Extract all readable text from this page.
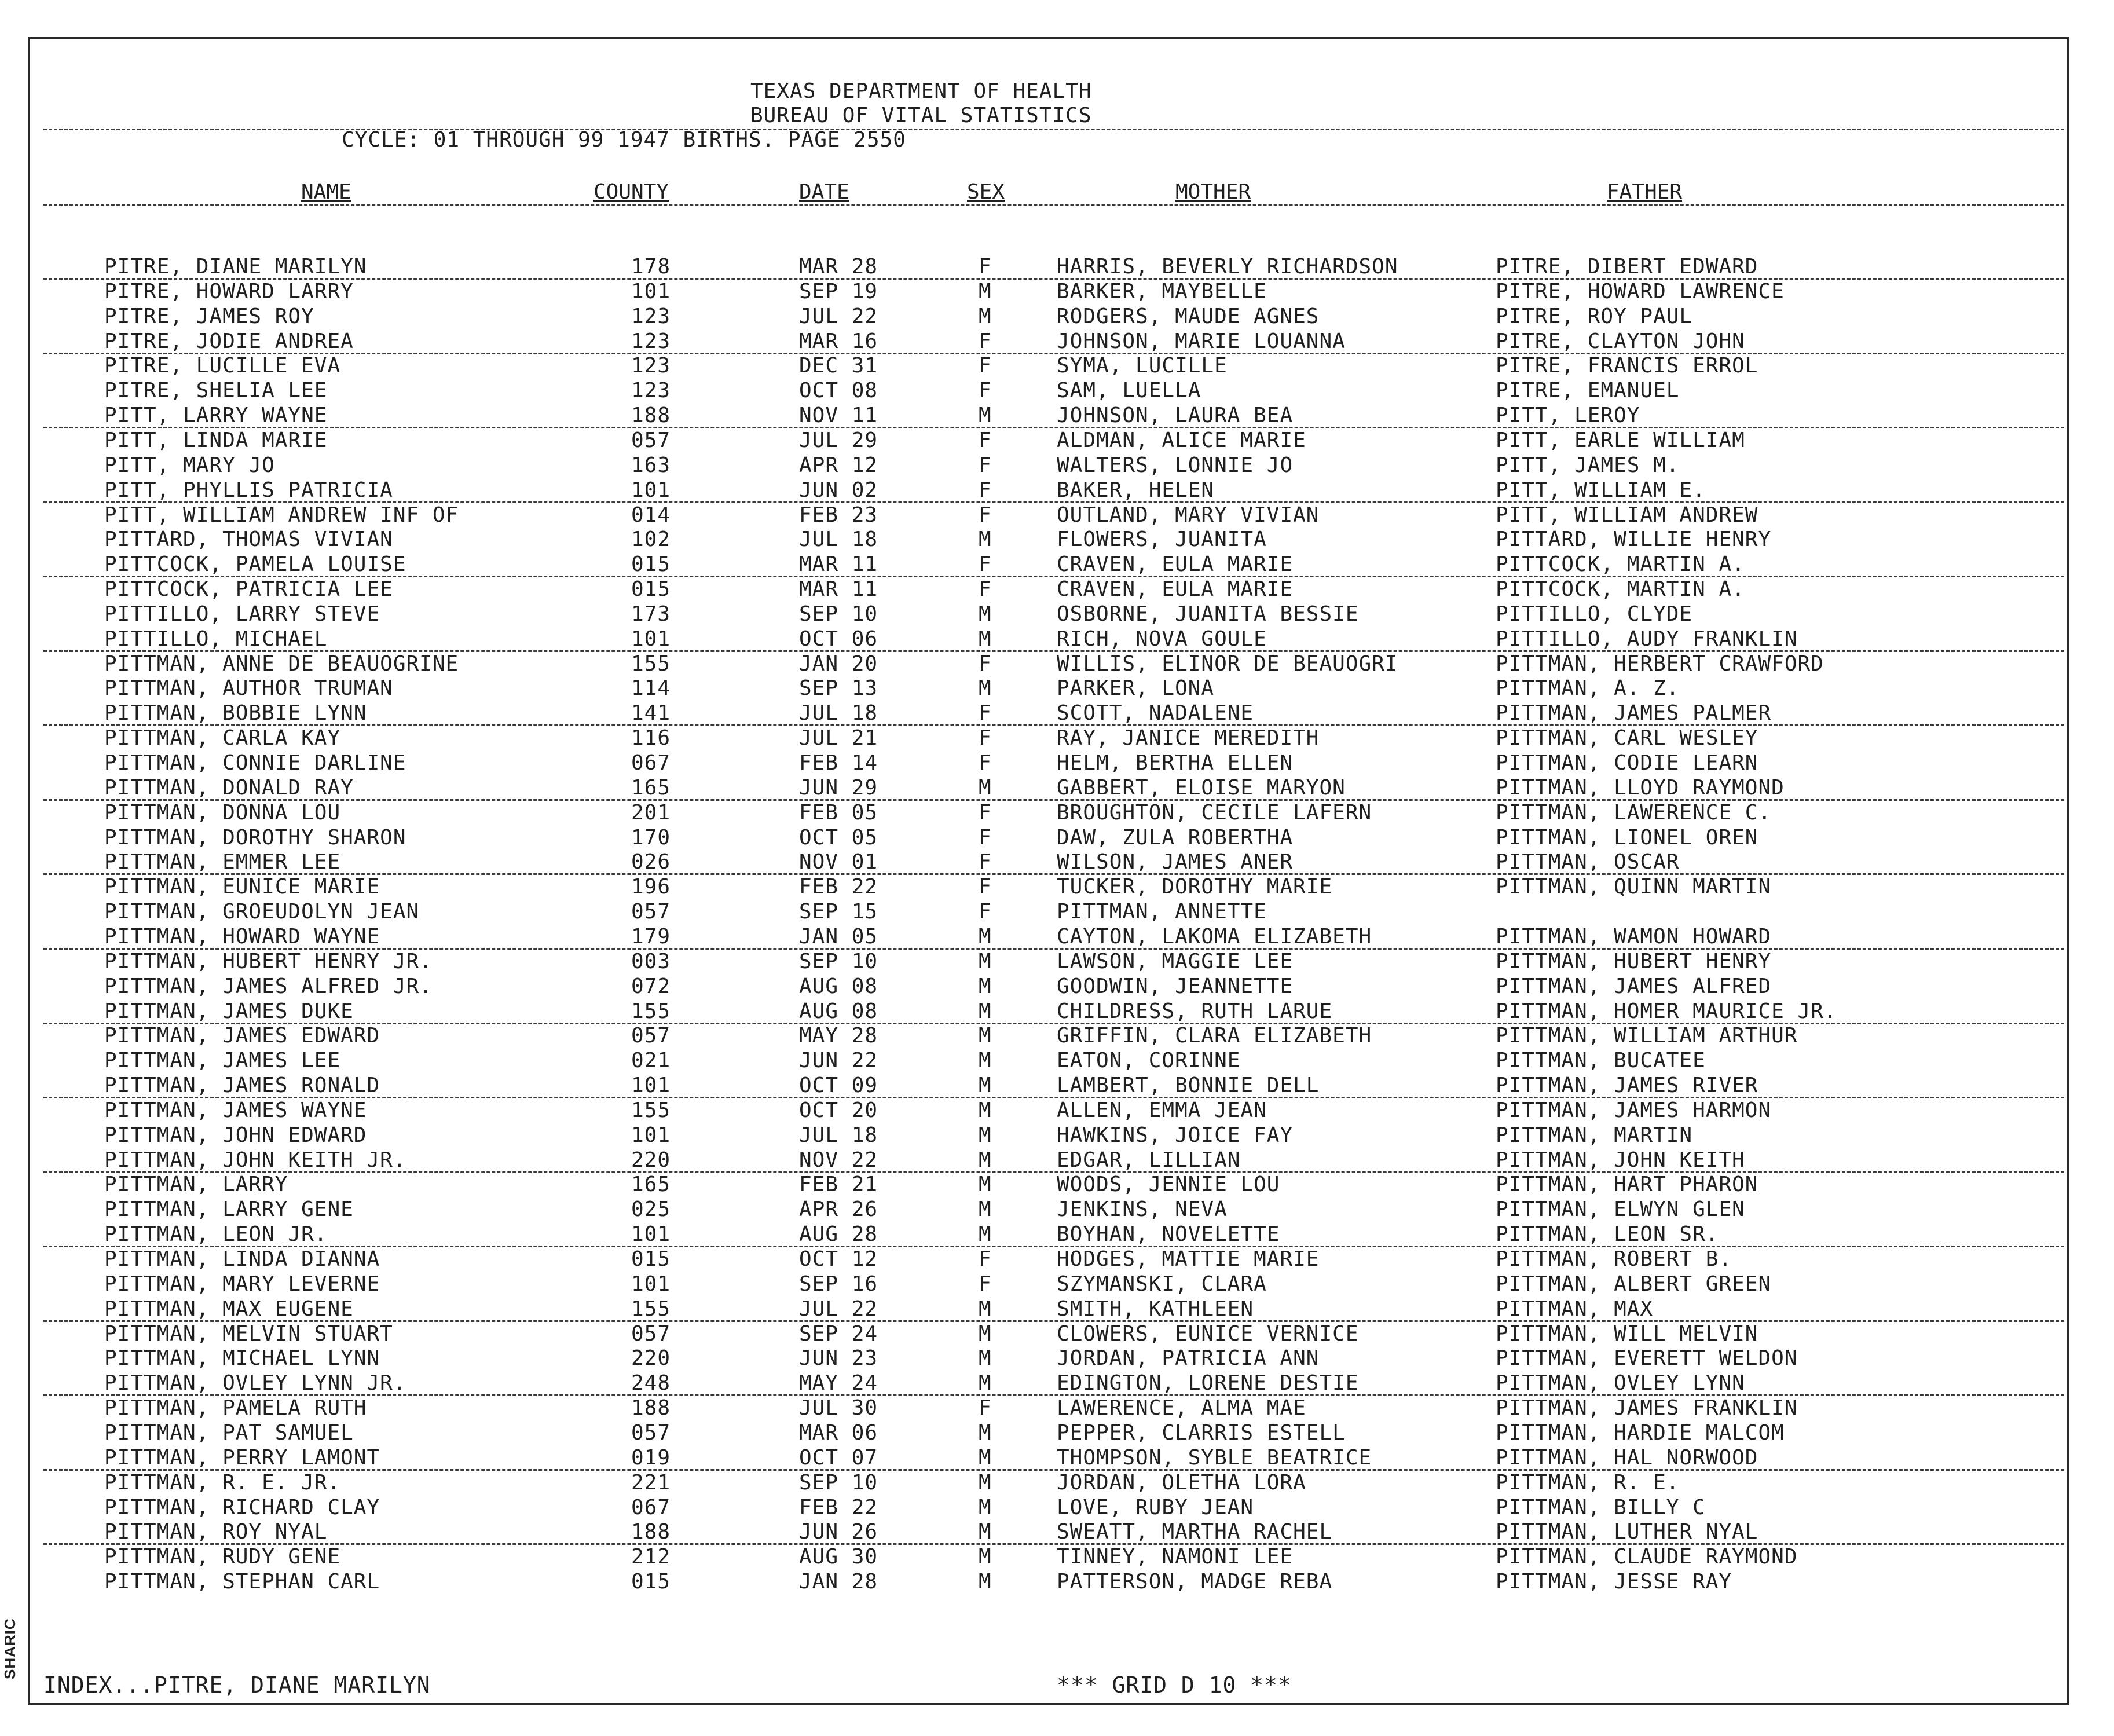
TEXAS DEPARTMENT OF HEALTH
BUREAU OF VITAL STATISTICS
CYCLE: 01 THROUGH 99 1947 BIRTHS. PAGE 2550
NAME	COUNTY	DATE	SEX	MOTHER	FATHER
PITRE, DIANE MARILYN	178	MAR 28	F	HARRIS, BEVERLY RICHARDSON	PITRE, DIBERT EDWARD
PITRE, HOWARD LARRY	101	SEP 19	M	BARKER, MAYBELLE	PITRE, HOWARD LAWRENCE
PITRE, JAMES ROY	123	JUL 22	M	RODGERS, MAUDE AGNES	PITRE, ROY PAUL
PITRE, JODIE ANDREA	123	MAR 16	F	JOHNSON, MARIE LOUANNA	PITRE, CLAYTON JOHN
PITRE, LUCILLE EVA	123	DEC 31	F	SYMA, LUCILLE	PITRE, FRANCIS ERROL
PITRE, SHELIA LEE	123	OCT 08	F	SAM, LUELLA	PITRE, EMANUEL
PITT, LARRY WAYNE	188	NOV 11	M	JOHNSON, LAURA BEA	PITT, LEROY
PITT, LINDA MARIE	057	JUL 29	F	ALDMAN, ALICE MARIE	PITT, EARLE WILLIAM
PITT, MARY JO	163	APR 12	F	WALTERS, LONNIE JO	PITT, JAMES M.
PITT, PHYLLIS PATRICIA	101	JUN 02	F	BAKER, HELEN	PITT, WILLIAM E.
PITT, WILLIAM ANDREW INF OF	014	FEB 23	F	OUTLAND, MARY VIVIAN	PITT, WILLIAM ANDREW
PITTARD, THOMAS VIVIAN	102	JUL 18	M	FLOWERS, JUANITA	PITTARD, WILLIE HENRY
PITTCOCK, PAMELA LOUISE	015	MAR 11	F	CRAVEN, EULA MARIE	PITTCOCK, MARTIN A.
PITTCOCK, PATRICIA LEE	015	MAR 11	F	CRAVEN, EULA MARIE	PITTCOCK, MARTIN A.
PITTILLO, LARRY STEVE	173	SEP 10	M	OSBORNE, JUANITA BESSIE	PITTILLO, CLYDE
PITTILLO, MICHAEL	101	OCT 06	M	RICH, NOVA GOULE	PITTILLO, AUDY FRANKLIN
PITTMAN, ANNE DE BEAUOGRINE	155	JAN 20	F	WILLIS, ELINOR DE BEAUOGRI	PITTMAN, HERBERT CRAWFORD
PITTMAN, AUTHOR TRUMAN	114	SEP 13	M	PARKER, LONA	PITTMAN, A. Z.
PITTMAN, BOBBIE LYNN	141	JUL 18	F	SCOTT, NADALENE	PITTMAN, JAMES PALMER
PITTMAN, CARLA KAY	116	JUL 21	F	RAY, JANICE MEREDITH	PITTMAN, CARL WESLEY
PITTMAN, CONNIE DARLINE	067	FEB 14	F	HELM, BERTHA ELLEN	PITTMAN, CODIE LEARN
PITTMAN, DONALD RAY	165	JUN 29	M	GABBERT, ELOISE MARYON	PITTMAN, LLOYD RAYMOND
PITTMAN, DONNA LOU	201	FEB 05	F	BROUGHTON, CECILE LAFERN	PITTMAN, LAWERENCE C.
PITTMAN, DOROTHY SHARON	170	OCT 05	F	DAW, ZULA ROBERTHA	PITTMAN, LIONEL OREN
PITTMAN, EMMER LEE	026	NOV 01	F	WILSON, JAMES ANER	PITTMAN, OSCAR
PITTMAN, EUNICE MARIE	196	FEB 22	F	TUCKER, DOROTHY MARIE	PITTMAN, QUINN MARTIN
PITTMAN, GROEUDOLYN JEAN	057	SEP 15	F	PITTMAN, ANNETTE
PITTMAN, HOWARD WAYNE	179	JAN 05	M	CAYTON, LAKOMA ELIZABETH	PITTMAN, WAMON HOWARD
PITTMAN, HUBERT HENRY JR.	003	SEP 10	M	LAWSON, MAGGIE LEE	PITTMAN, HUBERT HENRY
PITTMAN, JAMES ALFRED JR.	072	AUG 08	M	GOODWIN, JEANNETTE	PITTMAN, JAMES ALFRED
PITTMAN, JAMES DUKE	155	AUG 08	M	CHILDRESS, RUTH LARUE	PITTMAN, HOMER MAURICE JR.
PITTMAN, JAMES EDWARD	057	MAY 28	M	GRIFFIN, CLARA ELIZABETH	PITTMAN, WILLIAM ARTHUR
PITTMAN, JAMES LEE	021	JUN 22	M	EATON, CORINNE	PITTMAN, BUCATEE
PITTMAN, JAMES RONALD	101	OCT 09	M	LAMBERT, BONNIE DELL	PITTMAN, JAMES RIVER
PITTMAN, JAMES WAYNE	155	OCT 20	M	ALLEN, EMMA JEAN	PITTMAN, JAMES HARMON
PITTMAN, JOHN EDWARD	101	JUL 18	M	HAWKINS, JOICE FAY	PITTMAN, MARTIN
PITTMAN, JOHN KEITH JR.	220	NOV 22	M	EDGAR, LILLIAN	PITTMAN, JOHN KEITH
PITTMAN, LARRY	165	FEB 21	M	WOODS, JENNIE LOU	PITTMAN, HART PHARON
PITTMAN, LARRY GENE	025	APR 26	M	JENKINS, NEVA	PITTMAN, ELWYN GLEN
PITTMAN, LEON JR.	101	AUG 28	M	BOYHAN, NOVELETTE	PITTMAN, LEON SR.
PITTMAN, LINDA DIANNA	015	OCT 12	F	HODGES, MATTIE MARIE	PITTMAN, ROBERT B.
PITTMAN, MARY LEVERNE	101	SEP 16	F	SZYMANSKI, CLARA	PITTMAN, ALBERT GREEN
PITTMAN, MAX EUGENE	155	JUL 22	M	SMITH, KATHLEEN	PITTMAN, MAX
PITTMAN, MELVIN STUART	057	SEP 24	M	CLOWERS, EUNICE VERNICE	PITTMAN, WILL MELVIN
PITTMAN, MICHAEL LYNN	220	JUN 23	M	JORDAN, PATRICIA ANN	PITTMAN, EVERETT WELDON
PITTMAN, OVLEY LYNN JR.	248	MAY 24	M	EDINGTON, LORENE DESTIE	PITTMAN, OVLEY LYNN
PITTMAN, PAMELA RUTH	188	JUL 30	F	LAWERENCE, ALMA MAE	PITTMAN, JAMES FRANKLIN
PITTMAN, PAT SAMUEL	057	MAR 06	M	PEPPER, CLARRIS ESTELL	PITTMAN, HARDIE MALCOM
PITTMAN, PERRY LAMONT	019	OCT 07	M	THOMPSON, SYBLE BEATRICE	PITTMAN, HAL NORWOOD
PITTMAN, R. E. JR.	221	SEP 10	M	JORDAN, OLETHA LORA	PITTMAN, R. E.
PITTMAN, RICHARD CLAY	067	FEB 22	M	LOVE, RUBY JEAN	PITTMAN, BILLY C
PITTMAN, ROY NYAL	188	JUN 26	M	SWEATT, MARTHA RACHEL	PITTMAN, LUTHER NYAL
PITTMAN, RUDY GENE	212	AUG 30	M	TINNEY, NAMONI LEE	PITTMAN, CLAUDE RAYMOND
PITTMAN, STEPHAN CARL	015	JAN 28	M	PATTERSON, MADGE REBA	PITTMAN, JESSE RAY
INDEX...PITRE, DIANE MARILYN	*** GRID D 10 ***
SHARIC
